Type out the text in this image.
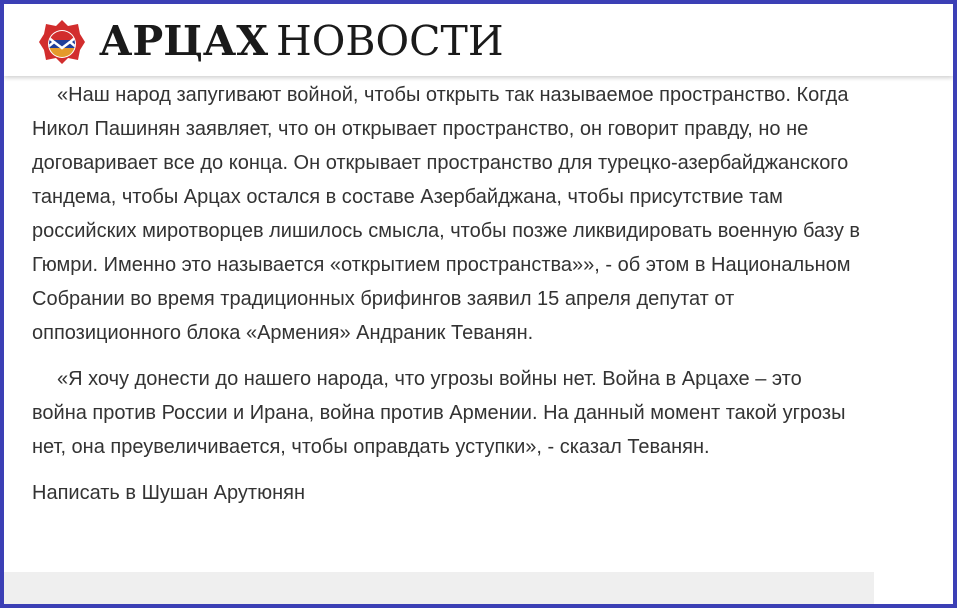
АРЦАХ НОВОСТИ

«Наш народ запугивают войной, чтобы открыть так называемое пространство. Когда Никол Пашинян заявляет, что он открывает пространство, он говорит правду, но не договаривает все до конца. Он открывает пространство для турецко-азербайджанского тандема, чтобы Арцах остался в составе Азербайджана, чтобы присутствие там российских миротворцев лишилось смысла, чтобы позже ликвидировать военную базу в Гюмри. Именно это называется «открытием пространства»», - об этом в Национальном Собрании во время традиционных брифингов заявил 15 апреля депутат от оппозиционного блока «Армения» Андраник Теванян.

«Я хочу донести до нашего народа, что угрозы войны нет. Война в Арцахе – это война против России и Ирана, война против Армении. На данный момент такой угрозы нет, она преувеличивается, чтобы оправдать уступки», - сказал Теванян.

Написать в Шушан Арутюнян
